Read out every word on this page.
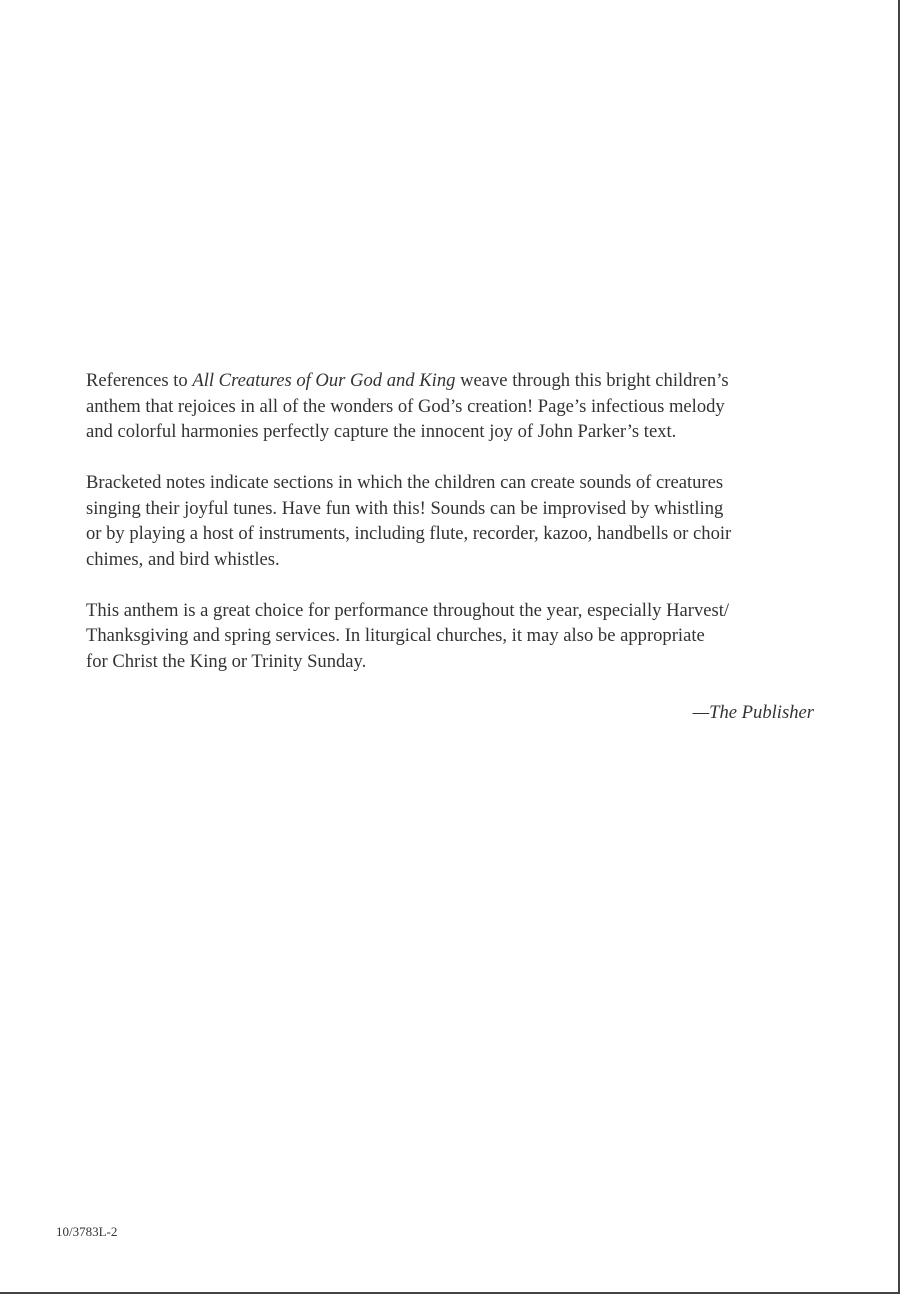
References to All Creatures of Our God and King weave through this bright children’s
anthem that rejoices in all of the wonders of God’s creation! Page’s infectious melody
and colorful harmonies perfectly capture the innocent joy of John Parker’s text.

Bracketed notes indicate sections in which the children can create sounds of creatures
singing their joyful tunes. Have fun with this! Sounds can be improvised by whistling
or by playing a host of instruments, including flute, recorder, kazoo, handbells or choir
chimes, and bird whistles.

This anthem is a great choice for performance throughout the year, especially Harvest/
Thanksgiving and spring services. In liturgical churches, it may also be appropriate
for Christ the King or Trinity Sunday.

—The Publisher

10/3783L-2
